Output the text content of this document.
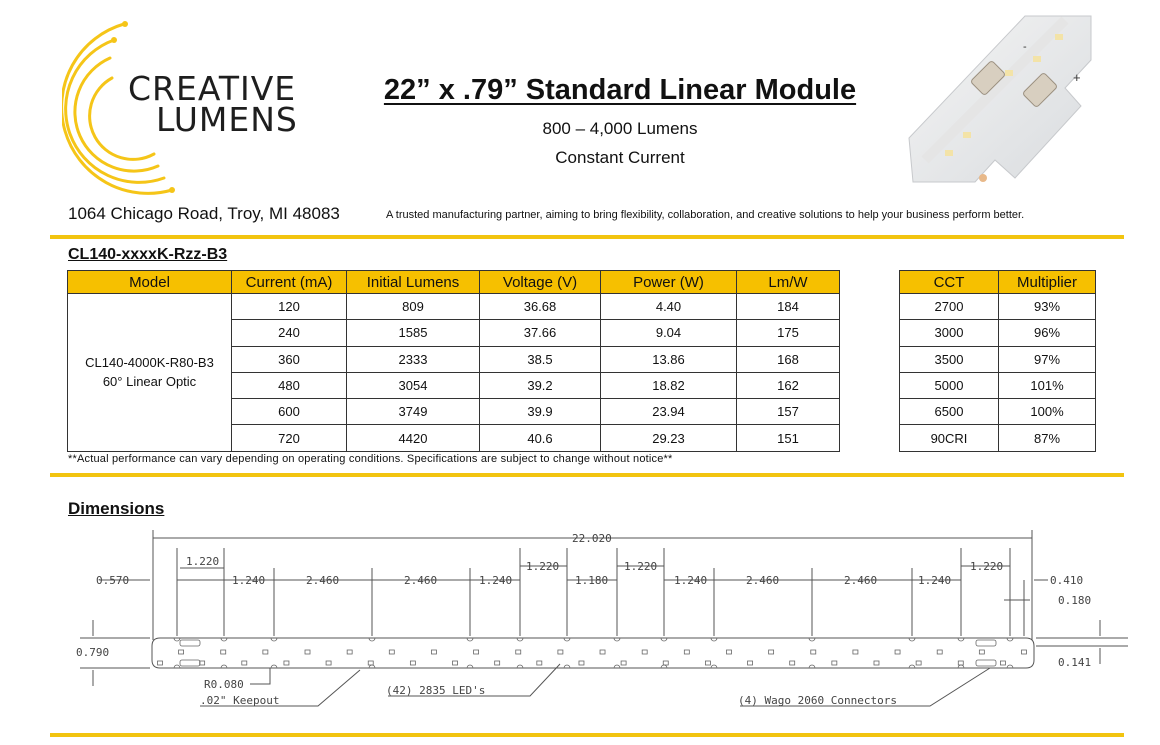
CREATIVE
LUMENS
22” x .79” Standard Linear Module
800 – 4,000 Lumens
Constant Current
-
+
1064 Chicago Road, Troy, MI 48083	A trusted manufacturing partner, aiming to bring flexibility, collaboration, and creative solutions to help your business perform better.
CL140-xxxxK-Rzz-B3
Model	Current (mA)	Initial Lumens	Voltage (V)	Power (W)	Lm/W
CL140-4000K-R80-B3
60° Linear Optic	120	809	36.68	4.40	184
	240	1585	37.66	9.04	175
	360	2333	38.5	13.86	168
	480	3054	39.2	18.82	162
	600	3749	39.9	23.94	157
	720	4420	40.6	29.23	151
CCT	Multiplier
2700	93%
3000	96%
3500	97%
5000	101%
6500	100%
90CRI	87%
**Actual performance can vary depending on operating conditions. Specifications are subject to change without notice**
Dimensions
22.020
0.570
0.790
1.220
1.240	2.460	2.460	1.240
1.220
1.180
1.220
1.240	2.460	2.460	1.240
1.220
0.410
0.180
0.141
R0.080
.02" Keepout
(42) 2835 LED's
(4) Wago 2060 Connectors
